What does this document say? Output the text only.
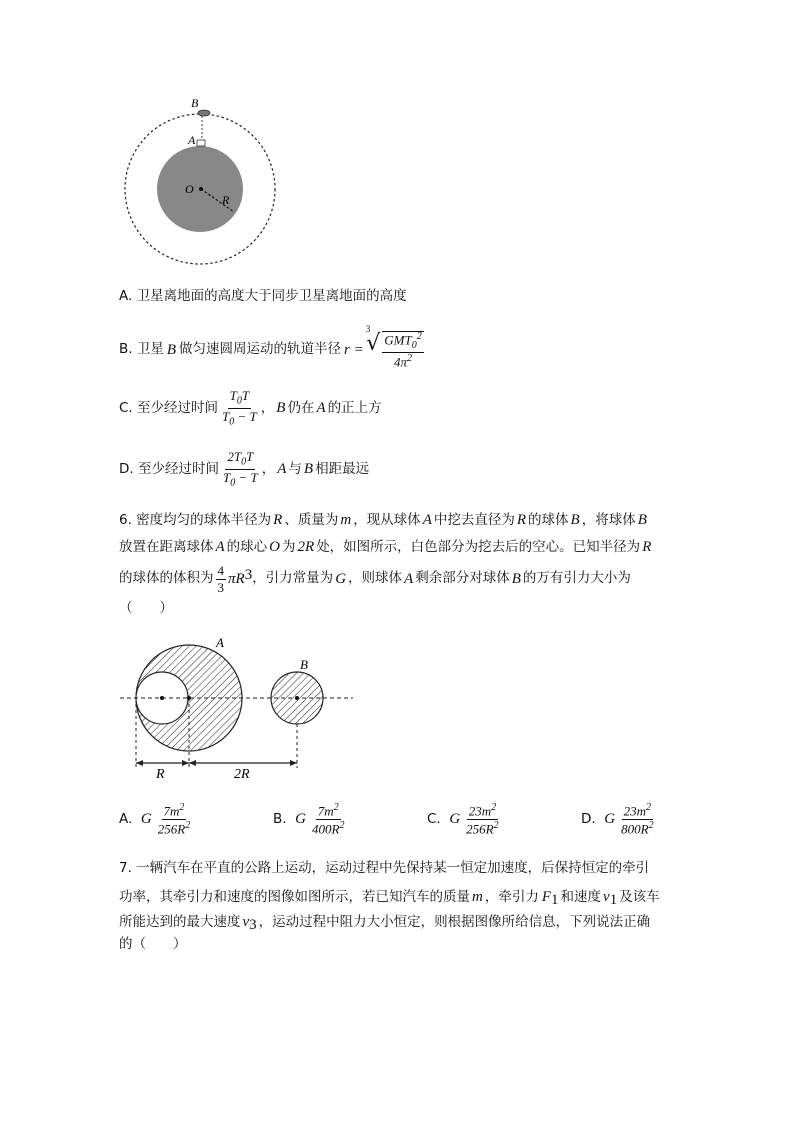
B
A
O
R
赤道
A.
卫星离地面的高度大于同步卫星离地面的高度
B.
卫星 B 做匀速圆周运动的轨道半径 r =
3
√ $\frac{GMT_0^2}{4\pi^2}$
C.
至少经过时间 $\frac{T_0T}{T_0 - T}$ ， B 仍在 A 的正上方
D.
至少经过时间 $\frac{2T_0T}{T_0 - T}$ ， A 与 B 相距最远
6. 密度均匀的球体半径为 R 、质量为 m ，现从球体 A 中挖去直径为 R 的球体 B ，将球体 B
放置在距离球体 A 的球心 O 为 2R 处，如图所示，白色部分为挖去后的空心。已知半径为 R
的球体的体积为 $\frac{4}{3}$ πR 3 ，引力常量为 G ，则球体 A 剩余部分对球体 B 的万有引力大小为
（　　）
A
B
R	2R
A.
G $\frac{7m^2}{256R^2}$	B.
G $\frac{7m^2}{400R^2}$	C.
G $\frac{23m^2}{256R^2}$	D.
G $\frac{23m^2}{800R^2}$
7. 一辆汽车在平直的公路上运动，运动过程中先保持某一恒定加速度，后保持恒定的牵引
功率，其牵引力和速度的图像如图所示，若已知汽车的质量 m ，牵引力 F 1 和速度 v 1 及该车
所能达到的最大速度 v 3 ，运动过程中阻力大小恒定，则根据图像所给信息，下列说法正确
的（　　）
